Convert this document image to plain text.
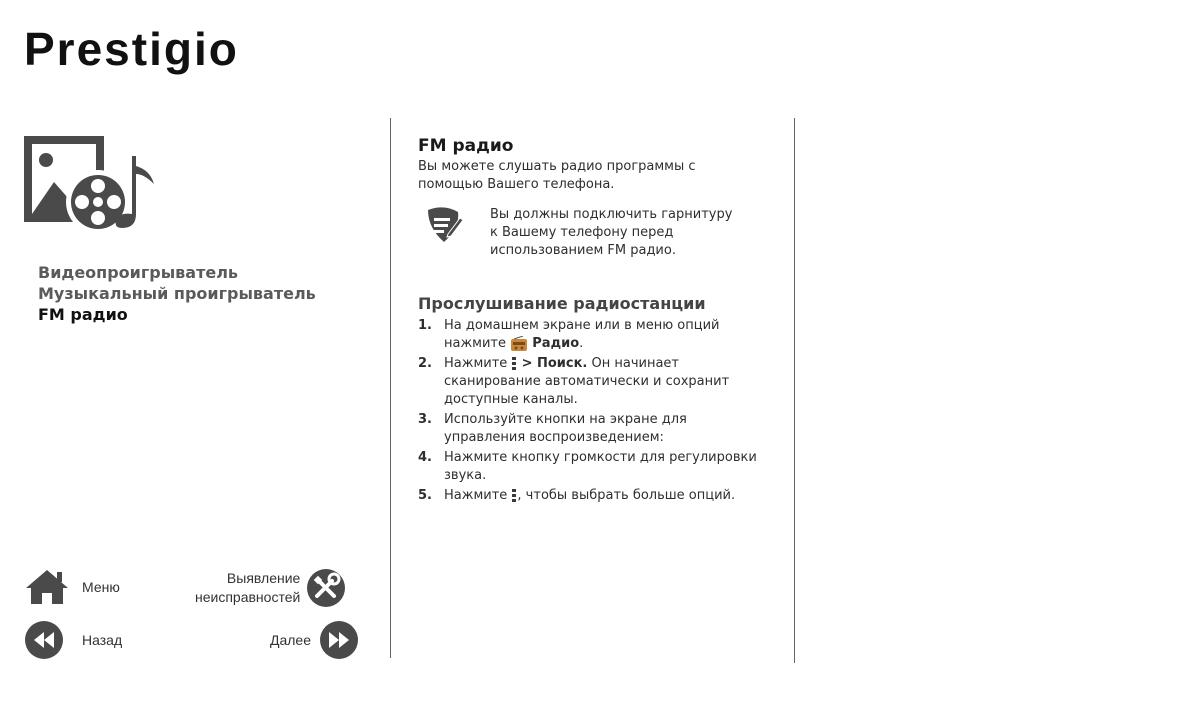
Prestigio
Видеопроигрыватель
Музыкальный проигрыватель
FM радио
Меню
Выявление
неисправностей
Назад	Далее
FM радио

Вы можете слушать радио программы с
помощью Вашего телефона.

Вы должны подключить гарнитуру
к Вашему телефону перед
использованием FM радио.
Прослушивание радиостанции
1. На домашнем экране или в меню опций
нажмите  Радио.
2. Нажмите  > Поиск. Он начинает
сканирование автоматически и сохранит
доступные каналы.
3. Используйте кнопки на экране для
управления воспроизведением:
4. Нажмите кнопку громкости для регулировки
звука.
5. Нажмите , чтобы выбрать больше опций.
